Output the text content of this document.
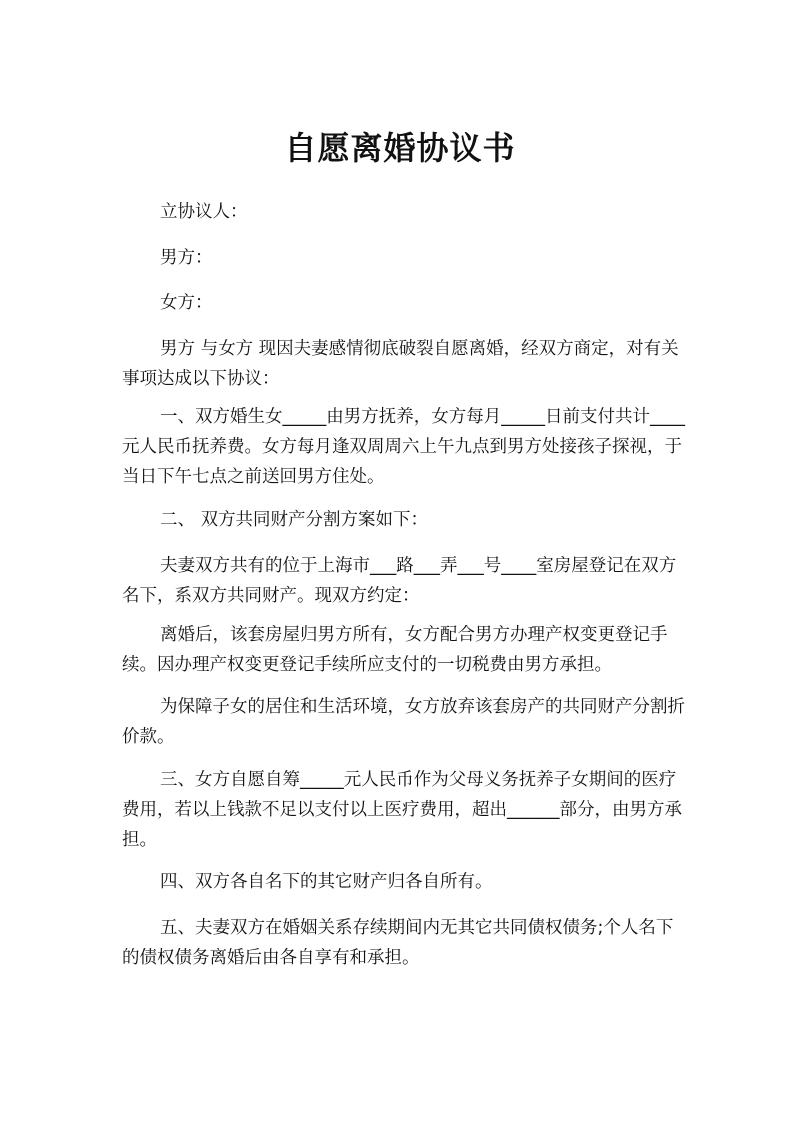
自愿离婚协议书

立协议人：

男方：

女方：

男方 与女方 现因夫妻感情彻底破裂自愿离婚，经双方商定，对有关事项达成以下协议：

一、双方婚生女_____由男方抚养，女方每月_____日前支付共计____元人民币抚养费。女方每月逢双周周六上午九点到男方处接孩子探视，于当日下午七点之前送回男方住处。

二、 双方共同财产分割方案如下：

夫妻双方共有的位于上海市___路___弄___号____室房屋登记在双方名下，系双方共同财产。现双方约定：

离婚后，该套房屋归男方所有，女方配合男方办理产权变更登记手续。因办理产权变更登记手续所应支付的一切税费由男方承担。

为保障子女的居住和生活环境，女方放弃该套房产的共同财产分割折价款。

三、女方自愿自筹_____元人民币作为父母义务抚养子女期间的医疗费用，若以上钱款不足以支付以上医疗费用，超出______部分，由男方承担。

四、双方各自名下的其它财产归各自所有。

五、夫妻双方在婚姻关系存续期间内无其它共同债权债务;个人名下的债权债务离婚后由各自享有和承担。
